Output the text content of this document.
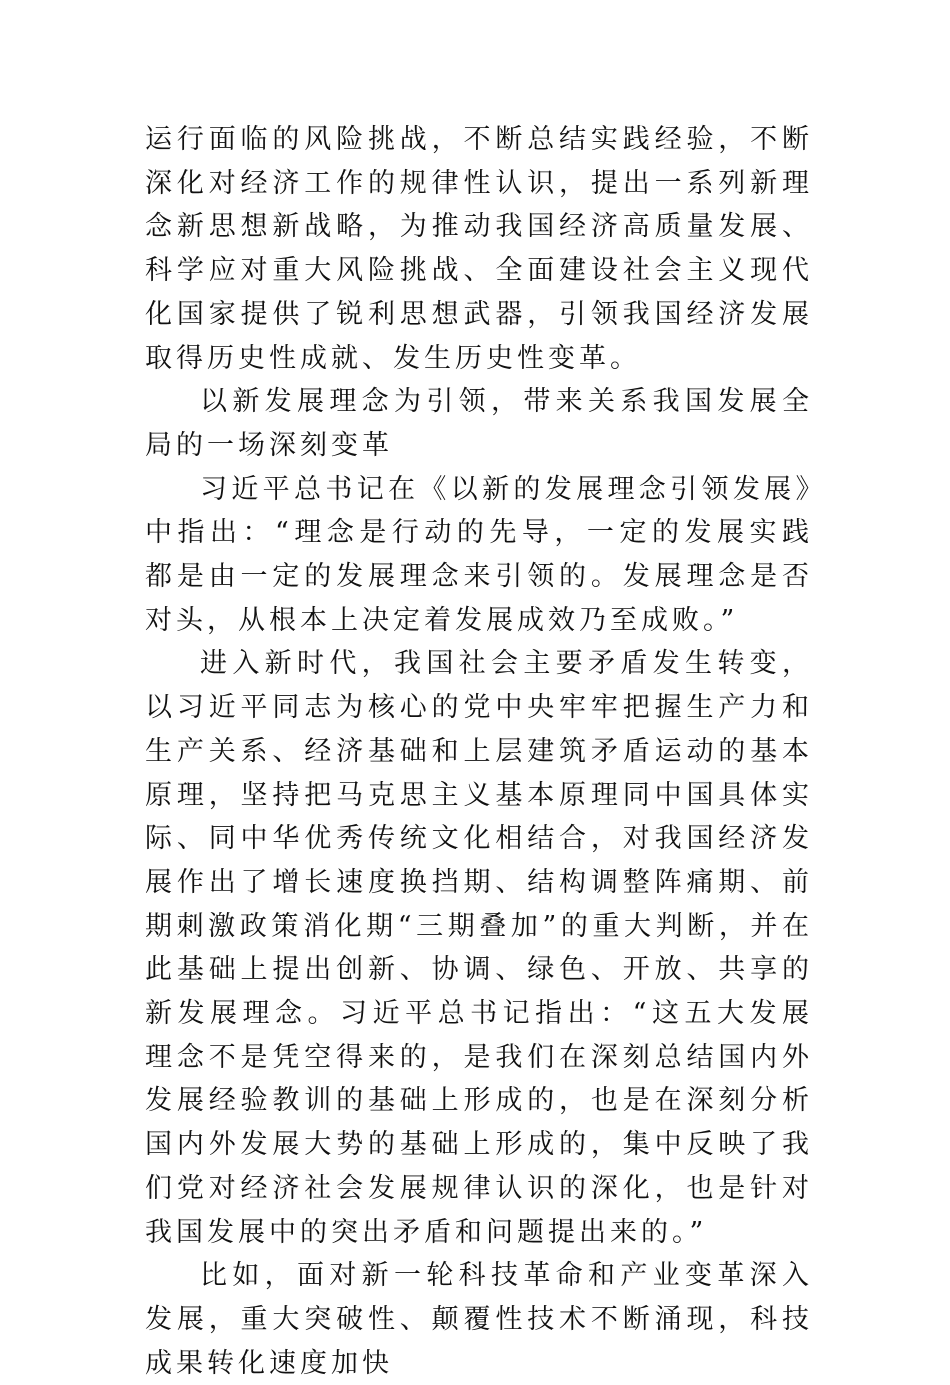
运行面临的风险挑战，不断总结实践经验，不断深化对经济工作的规律性认识，提出一系列新理念新思想新战略，为推动我国经济高质量发展、科学应对重大风险挑战、全面建设社会主义现代化国家提供了锐利思想武器，引领我国经济发展取得历史性成就、发生历史性变革。

以新发展理念为引领，带来关系我国发展全局的一场深刻变革

习近平总书记在《以新的发展理念引领发展》中指出：“理念是行动的先导，一定的发展实践都是由一定的发展理念来引领的。发展理念是否对头，从根本上决定着发展成效乃至成败。”

进入新时代，我国社会主要矛盾发生转变，以习近平同志为核心的党中央牢牢把握生产力和生产关系、经济基础和上层建筑矛盾运动的基本原理，坚持把马克思主义基本原理同中国具体实际、同中华优秀传统文化相结合，对我国经济发展作出了增长速度换挡期、结构调整阵痛期、前期刺激政策消化期“三期叠加”的重大判断，并在此基础上提出创新、协调、绿色、开放、共享的新发展理念。习近平总书记指出：“这五大发展理念不是凭空得来的，是我们在深刻总结国内外发展经验教训的基础上形成的，也是在深刻分析国内外发展大势的基础上形成的，集中反映了我们党对经济社会发展规律认识的深化，也是针对我国发展中的突出矛盾和问题提出来的。”

比如，面对新一轮科技革命和产业变革深入发展，重大突破性、颠覆性技术不断涌现，科技成果转化速度加快
